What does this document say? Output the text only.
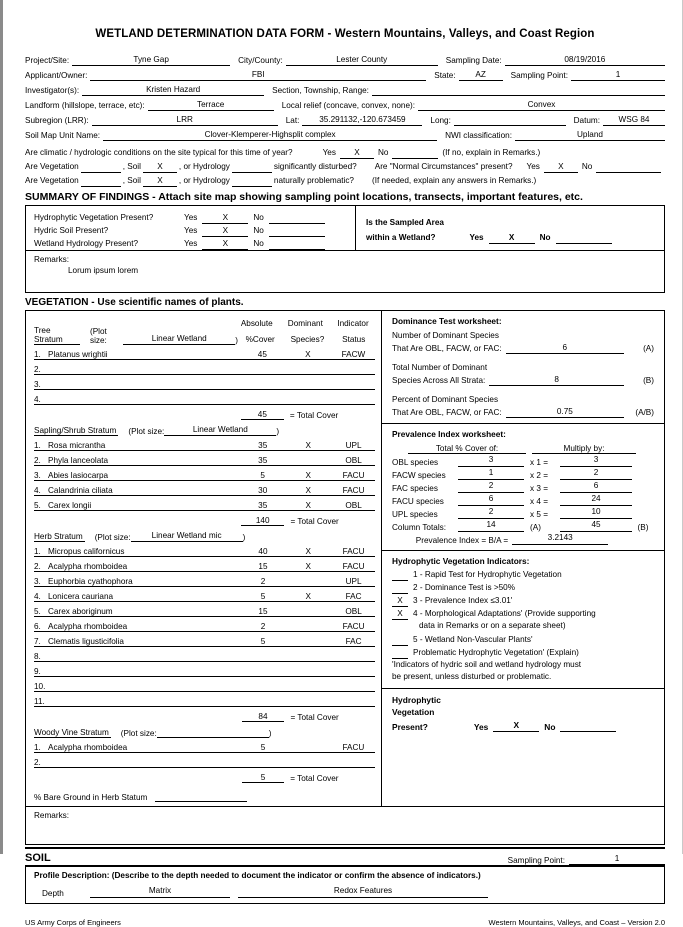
WETLAND DETERMINATION DATA FORM - Western Mountains, Valleys, and Coast Region
Project/Site:	Tyne Gap	City/County:	Lester County	Sampling Date:	08/19/2016
Applicant/Owner:	FBI	State:	AZ	Sampling Point:	1
Investigator(s):	Kristen Hazard	Section, Township, Range:
Landform (hillslope, terrace, etc):	Terrace	Local relief (concave, convex, none):	Convex
Subregion (LRR):	LRR	Lat:	35.291132,-120.673459	Long:	Datum:	WSG 84
Soil Map Unit Name:	Clover-Klemperer-Highsplit complex	NWI classification:	Upland
Are climatic / hydrologic conditions on the site typical for this time of year?	Yes	X	No	(If no, explain in Remarks.)
Are Vegetation	, Soil	X	, or Hydrology	significantly disturbed? Are "Normal Circumstances" present? Yes	X	No
Are Vegetation	, Soil	X	, or Hydrology	naturally problematic? (If needed, explain any answers in Remarks.)
SUMMARY OF FINDINGS - Attach site map showing sampling point locations, transects, important features, etc.
Hydrophytic Vegetation Present?	Yes	X	No
Hydric Soil Present?	Yes	X	No
Wetland Hydrology Present?	Yes	X	No
Is the Sampled Area
within a Wetland?	Yes	X	No
Remarks:
Lorum ipsum lorem
VEGETATION - Use scientific names of plants.
	Absolute	Dominant	Indicator
Tree Stratum
(Plot size:	Linear Wetland	) %Cover	Species?	Status
1. Platanus wrightii	45	X	FACW
2.			
3.			
4.			
	45	= Total Cover	
Sapling/Shrub Stratum	(Plot size:	Linear Wetland	)
1. Rosa micrantha	35	X	UPL
2. Phyla lanceolata	35		OBL
3. Abies lasiocarpa	5	X	FACU
4. Calandrinia ciliata	30	X	FACU
5. Carex longii	35	X	OBL
	140	= Total Cover	
Herb Stratum	(Plot size:	Linear Wetland mic	)
1. Micropus californicus	40	X	FACU
2. Acalypha rhomboidea	15	X	FACU
3. Euphorbia cyathophora	2		UPL
4. Lonicera cauriana	5	X	FAC
5. Carex aboriginum	15		OBL
6. Acalypha rhomboidea	2		FACU
7. Clematis ligusticifolia	5		FAC
8.			
9.			
10.			
11.			
	84	= Total Cover	
Woody Vine Stratum	(Plot size:	)
1. Acalypha rhomboidea	5		FACU
2.			
	5	= Total Cover	
% Bare Ground in Herb Statum
Dominance Test worksheet:
Number of Dominant Species
That Are OBL, FACW, or FAC:	6	(A)
Total Number of Dominant
Species Across All Strata:	8	(B)
Percent of Dominant Species
That Are OBL, FACW, or FAC:	0.75	(A/B)
Prevalence Index worksheet:
Total % Cover of:	Multiply by:
OBL species	3	x 1 =	3
FACW species	1	x 2 =	2
FAC species	2	x 3 =	6
FACU species	6	x 4 =	24
UPL species	2	x 5 =	10
Column Totals:	14	(A)	45	(B)
Prevalence Index = B/A =	3.2143
Hydrophytic Vegetation Indicators:
1 - Rapid Test for Hydrophytic Vegetation
2 - Dominance Test is >50%
X	3 - Prevalence Index ≤3.01'
X	4 - Morphological Adaptations' (Provide supporting
data in Remarks or on a separate sheet)
5 - Wetland Non-Vascular Plants'
Problematic Hydrophytic Vegetation' (Explain)
'Indicators of hydric soil and wetland hydrology must
be present, unless disturbed or problematic.
Hydrophytic
Vegetation
Present?	Yes	X	No
Remarks:
SOIL	Sampling Point:	1
Profile Description: (Describe to the depth needed to document the indicator or confirm the absence of indicators.)
Depth	Matrix	Redox Features
US Army Corps of Engineers	Western Mountains, Valleys, and Coast – Version 2.0
